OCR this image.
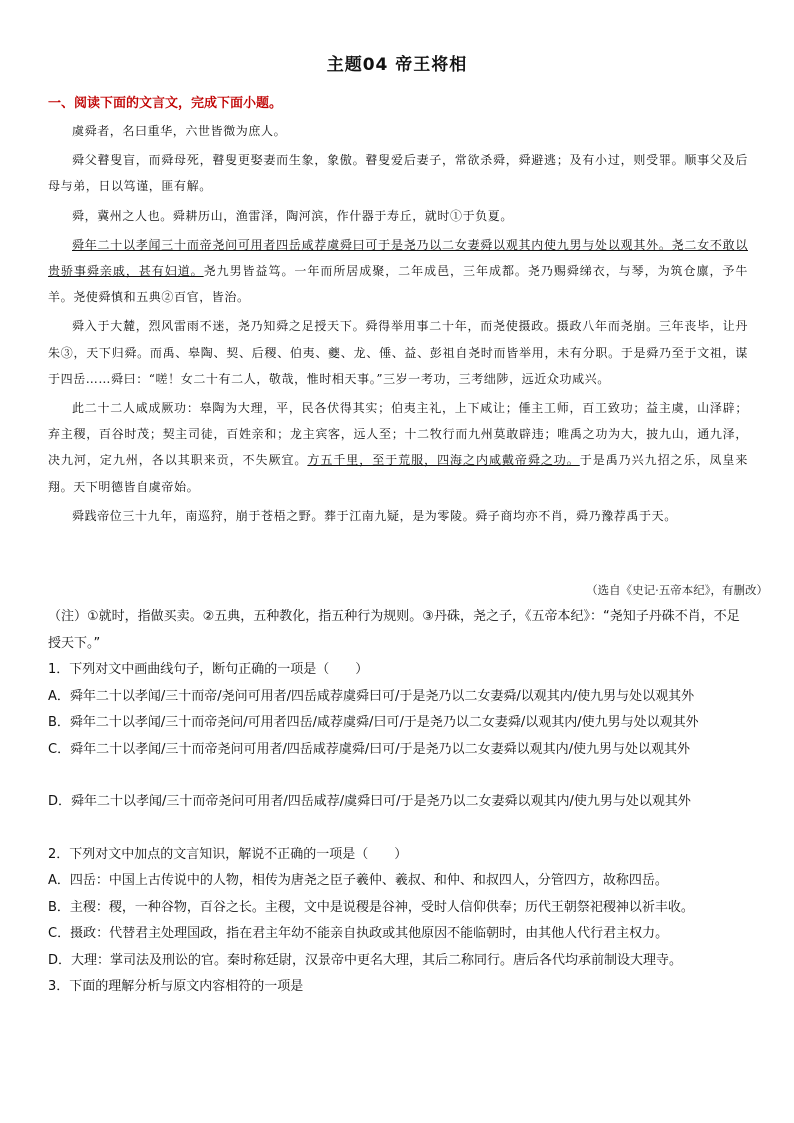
主题04 帝王将相
一、阅读下面的文言文，完成下面小题。

虞舜者，名曰重华，六世皆微为庶人。

舜父瞽叟盲，而舜母死，瞽叟更娶妻而生象，象傲。瞽叟爱后妻子，常欲杀舜，舜避逃；及有小过，则受罪。顺事父及后母与弟，日以笃谨，匪有解。

舜，冀州之人也。舜耕历山，渔雷泽，陶河滨，作什器于寿丘，就时①于负夏。

舜年二十以孝闻三十而帝尧问可用者四岳咸荐虞舜曰可于是尧乃以二女妻舜以观其内使九男与处以观其外。尧二女不敢以贵骄事舜亲戚，甚有妇道。尧九男皆益笃。一年而所居成聚，二年成邑，三年成都。尧乃赐舜绨衣，与琴，为筑仓廪，予牛羊。尧使舜慎和五典②百官，皆治。

舜入于大麓，烈风雷雨不迷，尧乃知舜之足授天下。舜得举用事二十年，而尧使摄政。摄政八年而尧崩。三年丧毕，让丹朱③，天下归舜。而禹、皋陶、契、后稷、伯夷、夔、龙、倕、益、彭祖自尧时而皆举用，未有分职。于是舜乃至于文祖，谋于四岳……舜曰：“嗟！女二十有二人，敬哉，惟时相天事。”三岁一考功，三考绌陟，远近众功咸兴。

此二十二人咸成厥功：皋陶为大理，平，民各伏得其实；伯夷主礼，上下咸让；倕主工师，百工致功；益主虞，山泽辟；弃主稷，百谷时茂；契主司徒，百姓亲和；龙主宾客，远人至；十二牧行而九州莫敢辟违；唯禹之功为大，披九山，通九泽，决九河，定九州，各以其职来贡，不失厥宜。方五千里，至于荒服，四海之内咸戴帝舜之功。于是禹乃兴九招之乐，凤皇来翔。天下明德皆自虞帝始。

舜践帝位三十九年，南巡狩，崩于苍梧之野。葬于江南九疑，是为零陵。舜子商均亦不肖，舜乃豫荐禹于天。

（选自《史记·五帝本纪》，有删改）
（注）①就时，指做买卖。②五典，五种教化，指五种行为规则。③丹硃，尧之子，《五帝本纪》：“尧知子丹硃不肖，不足授天下。”
1．下列对文中画曲线句子，断句正确的一项是（　　）
A．舜年二十以孝闻/三十而帝/尧问可用者/四岳咸荐虞舜曰可/于是尧乃以二女妻舜/以观其内/使九男与处以观其外
B．舜年二十以孝闻/三十而帝尧问/可用者四岳/咸荐虞舜/曰可/于是尧乃以二女妻舜/以观其内/使九男与处以观其外
C．舜年二十以孝闻/三十而帝尧问可用者/四岳咸荐虞舜/曰可/于是尧乃以二女妻舜以观其内/使九男与处以观其外
D．舜年二十以孝闻/三十而帝尧问可用者/四岳咸荐/虞舜曰可/于是尧乃以二女妻舜以观其内/使九男与处以观其外
2．下列对文中加点的文言知识，解说不正确的一项是（　　）
A．四岳：中国上古传说中的人物，相传为唐尧之臣子羲仲、羲叔、和仲、和叔四人，分管四方，故称四岳。
B．主稷：稷，一种谷物，百谷之长。主稷，文中是说稷是谷神，受时人信仰供奉；历代王朝祭祀稷神以祈丰收。
C．摄政：代替君主处理国政，指在君主年幼不能亲自执政或其他原因不能临朝时，由其他人代行君主权力。
D．大理：掌司法及刑讼的官。秦时称廷尉，汉景帝中更名大理，其后二称同行。唐后各代均承前制设大理寺。
3．下面的理解分析与原文内容相符的一项是
